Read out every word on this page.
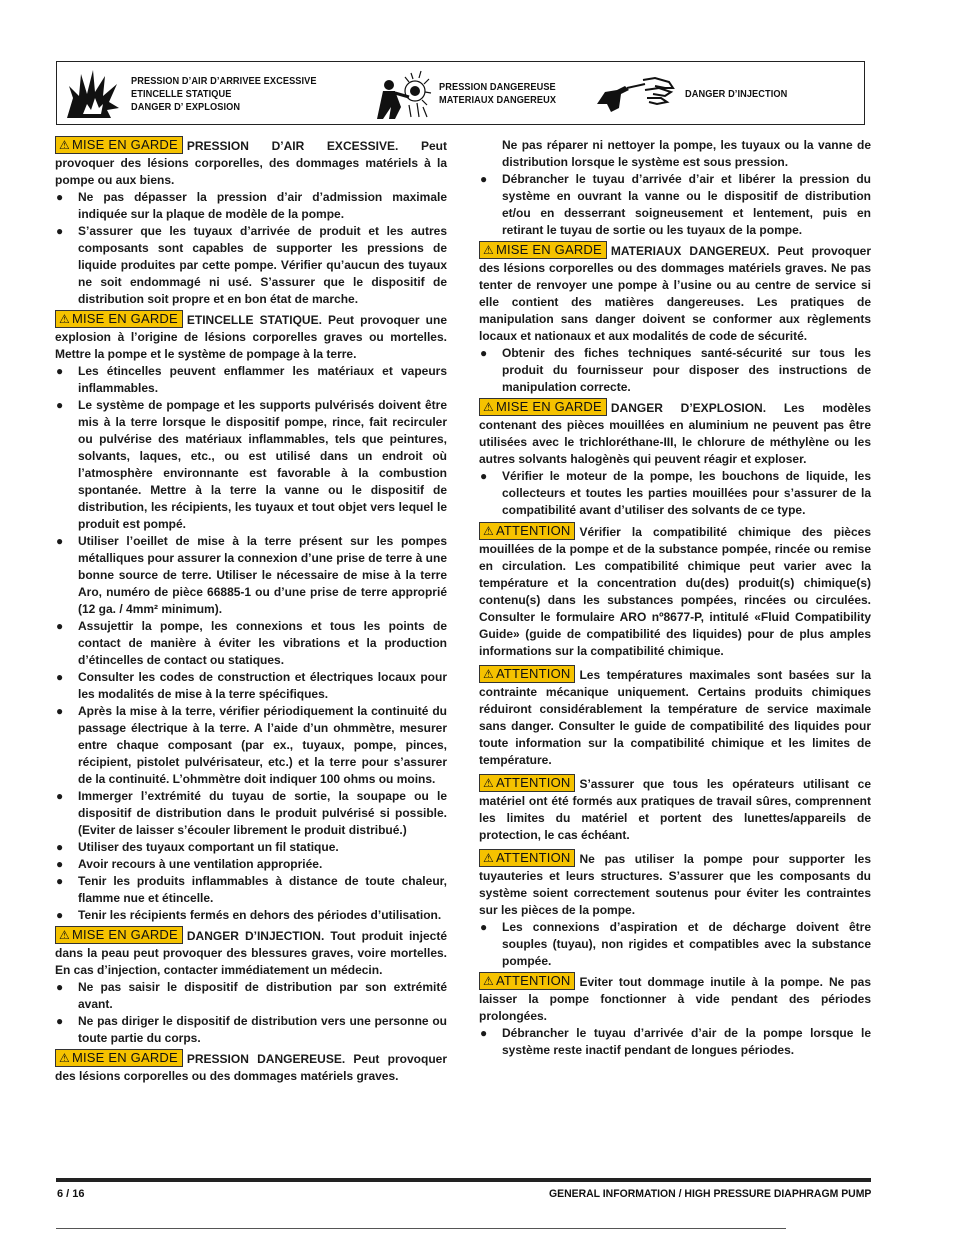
PRESSION D’AIR D’ARRIVEE EXCESSIVE
ETINCELLE STATIQUE
DANGER D’ EXPLOSION
PRESSION DANGEREUSE
MATERIAUX DANGEREUX
DANGER D’INJECTION

⚠ MISE EN GARDE PRESSION D’AIR EXCESSIVE. Peut provoquer des lésions corporelles, des dommages matériels à la pompe ou aux biens.

● Ne pas dépasser la pression d’air d’admission maximale indiquée sur la plaque de modèle de la pompe.

● S’assurer que les tuyaux d’arrivée de produit et les autres composants sont capables de supporter les pressions de liquide produites par cette pompe. Vérifier qu’aucun des tuyaux ne soit endommagé ni usé. S’assurer que le dispositif de distribution soit propre et en bon état de marche.

⚠ MISE EN GARDE ETINCELLE STATIQUE. Peut provoquer une explosion à l’origine de lésions corporelles graves ou mortelles. Mettre la pompe et le système de pompage à la terre.

● Les étincelles peuvent enflammer les matériaux et vapeurs inflammables.

● Le système de pompage et les supports pulvérisés doivent être mis à la terre lorsque le dispositif pompe, rince, fait recirculer ou pulvérise des matériaux inflammables, tels que peintures, solvants, laques, etc., ou est utilisé dans un endroit où l’atmosphère environnante est favorable à la combustion spontanée. Mettre à la terre la vanne ou le dispositif de distribution, les récipients, les tuyaux et tout objet vers lequel le produit est pompé.

● Utiliser l’oeillet de mise à la terre présent sur les pompes métalliques pour assurer la connexion d’une prise de terre à une bonne source de terre. Utiliser le nécessaire de mise à la terre Aro, numéro de pièce 66885-1 ou d’une prise de terre approprié (12 ga. / 4mm² minimum).

● Assujettir la pompe, les connexions et tous les points de contact de manière à éviter les vibrations et la production d’étincelles de contact ou statiques.

● Consulter les codes de construction et électriques locaux pour les modalités de mise à la terre spécifiques.

● Après la mise à la terre, vérifier périodiquement la continuité du passage électrique à la terre. A l’aide d’un ohmmètre, mesurer entre chaque composant (par ex., tuyaux, pompe, pinces, récipient, pistolet pulvérisateur, etc.) et la terre pour s’assurer de la continuité. L’ohmmètre doit indiquer 100 ohms ou moins.

● Immerger l’extrémité du tuyau de sortie, la soupape ou le dispositif de distribution dans le produit pulvérisé si possible. (Eviter de laisser s’écouler librement le produit distribué.)

● Utiliser des tuyaux comportant un fil statique.

● Avoir recours à une ventilation appropriée.

● Tenir les produits inflammables à distance de toute chaleur, flamme nue et étincelle.

● Tenir les récipients fermés en dehors des périodes d’utilisation.

⚠ MISE EN GARDE DANGER D’INJECTION. Tout produit injecté dans la peau peut provoquer des blessures graves, voire mortelles. En cas d’injection, contacter immédiatement un médecin.

● Ne pas saisir le dispositif de distribution par son extrémité avant.

● Ne pas diriger le dispositif de distribution vers une personne ou toute partie du corps.

⚠ MISE EN GARDE PRESSION DANGEREUSE. Peut provoquer des lésions corporelles ou des dommages matériels graves.

Ne pas réparer ni nettoyer la pompe, les tuyaux ou la vanne de distribution lorsque le système est sous pression.

● Débrancher le tuyau d’arrivée d’air et libérer la pression du système en ouvrant la vanne ou le dispositif de distribution et/ou en desserrant soigneusement et lentement, puis en retirant le tuyau de sortie ou les tuyaux de la pompe.

⚠ MISE EN GARDE MATERIAUX DANGEREUX. Peut provoquer des lésions corporelles ou des dommages matériels graves. Ne pas tenter de renvoyer une pompe à l’usine ou au centre de service si elle contient des matières dangereuses. Les pratiques de manipulation sans danger doivent se conformer aux règlements locaux et nationaux et aux modalités de code de sécurité.

● Obtenir des fiches techniques santé-sécurité sur tous les produit du fournisseur pour disposer des instructions de manipulation correcte.

⚠ MISE EN GARDE DANGER D’EXPLOSION. Les modèles contenant des pièces mouillées en aluminium ne peuvent pas être utilisées avec le trichloréthane-III, le chlorure de méthylène ou les autres solvants halogènès qui peuvent réagir et exploser.

● Vérifier le moteur de la pompe, les bouchons de liquide, les collecteurs et toutes les parties mouillées pour s’assurer de la compatibilité avant d’utiliser des solvants de ce type.

⚠ ATTENTION Vérifier la compatibilité chimique des pièces mouillées de la pompe et de la substance pompée, rincée ou remise en circulation. Les compatibilité chimique peut varier avec la température et la concentration du(des) produit(s) chimique(s) contenu(s) dans les substances pompées, rincées ou circulées. Consulter le formulaire ARO nº8677-P, intitulé «Fluid Compatibility Guide» (guide de compatibilité des liquides) pour de plus amples informations sur la compatibilité chimique.

⚠ ATTENTION Les températures maximales sont basées sur la contrainte mécanique uniquement. Certains produits chimiques réduiront considérablement la température de service maximale sans danger. Consulter le guide de compatibilité des liquides pour toute information sur la compatibilité chimique et les limites de température.

⚠ ATTENTION S’assurer que tous les opérateurs utilisant ce matériel ont été formés aux pratiques de travail sûres, comprennent les limites du matériel et portent des lunettes/appareils de protection, le cas échéant.

⚠ ATTENTION Ne pas utiliser la pompe pour supporter les tuyauteries et leurs structures. S’assurer que les composants du système soient correctement soutenus pour éviter les contraintes sur les pièces de la pompe.

● Les connexions d’aspiration et de décharge doivent être souples (tuyau), non rigides et compatibles avec la substance pompée.

⚠ ATTENTION Eviter tout dommage inutile à la pompe. Ne pas laisser la pompe fonctionner à vide pendant des périodes prolongées.

● Débrancher le tuyau d’arrivée d’air de la pompe lorsque le système reste inactif pendant de longues périodes.

6 / 16	GENERAL INFORMATION / HIGH PRESSURE DIAPHRAGM PUMP
